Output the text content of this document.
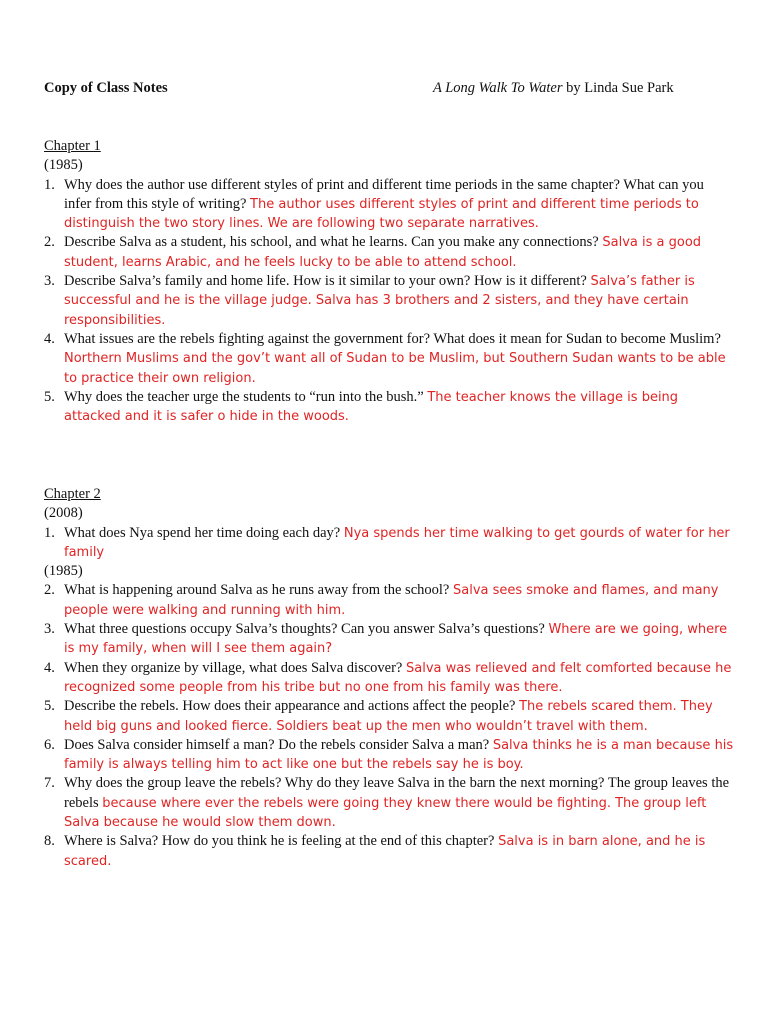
Copy of Class Notes	A Long Walk To Water by Linda Sue Park
Chapter 1
(1985)
1. Why does the author use different styles of print and different time periods in the same chapter? What can you infer from this style of writing? The author uses different styles of print and different time periods to distinguish the two story lines. We are following two separate narratives.
2. Describe Salva as a student, his school, and what he learns. Can you make any connections? Salva is a good student, learns Arabic, and he feels lucky to be able to attend school.
3. Describe Salva’s family and home life. How is it similar to your own? How is it different? Salva’s father is successful and he is the village judge. Salva has 3 brothers and 2 sisters, and they have certain responsibilities.
4. What issues are the rebels fighting against the government for? What does it mean for Sudan to become Muslim? Northern Muslims and the gov’t want all of Sudan to be Muslim, but Southern Sudan wants to be able to practice their own religion.
5. Why does the teacher urge the students to “run into the bush.” The teacher knows the village is being attacked and it is safer o hide in the woods.
Chapter 2
(2008)
1. What does Nya spend her time doing each day? Nya spends her time walking to get gourds of water for her family
(1985)
2. What is happening around Salva as he runs away from the school? Salva sees smoke and flames, and many people were walking and running with him.
3. What three questions occupy Salva’s thoughts? Can you answer Salva’s questions? Where are we going, where is my family, when will I see them again?
4. When they organize by village, what does Salva discover? Salva was relieved and felt comforted because he recognized some people from his tribe but no one from his family was there.
5. Describe the rebels. How does their appearance and actions affect the people? The rebels scared them. They held big guns and looked fierce. Soldiers beat up the men who wouldn’t travel with them.
6. Does Salva consider himself a man? Do the rebels consider Salva a man? Salva thinks he is a man because his family is always telling him to act like one but the rebels say he is boy.
7. Why does the group leave the rebels? Why do they leave Salva in the barn the next morning? The group leaves the rebels because where ever the rebels were going they knew there would be fighting. The group left Salva because he would slow them down.
8. Where is Salva? How do you think he is feeling at the end of this chapter? Salva is in barn alone, and he is scared.
